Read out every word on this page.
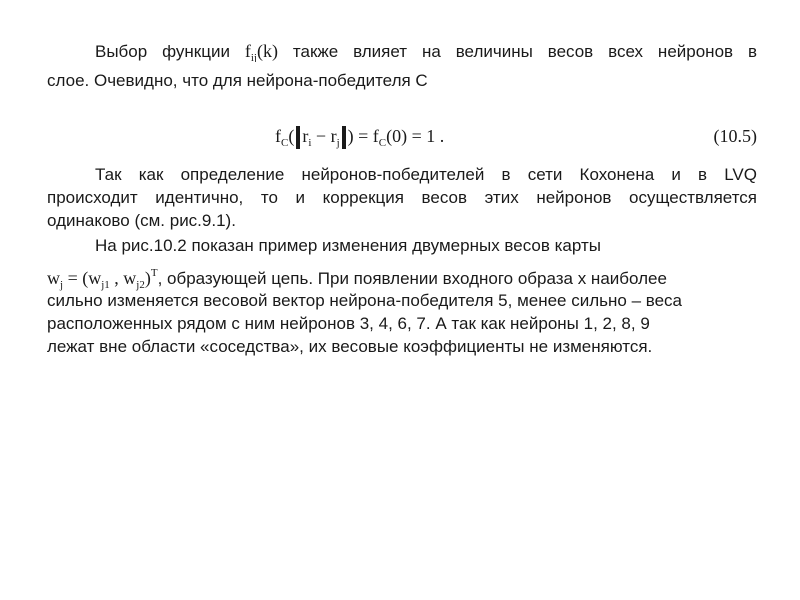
Выбор функции $f_{ij}(k)$ также влияет на величины весов всех нейронов в
слое. Очевидно, что для нейрона-победителя C
$f_C$( $r_i - r_j$ ) = $f_C(0) = 1$ .	(10.5)
Так как определение нейронов-победителей в сети Кохонена и в LVQ
происходит идентично, то и коррекция весов этих нейронов осуществляется
одинаково (см. рис.9.1).
На рис.10.2 показан пример изменения двумерных весов карты
$w_j = (w_{j1}$ , $w_{j2})^T$, образующей цепь. При появлении входного образа x наиболее
сильно изменяется весовой вектор нейрона-победителя 5, менее сильно – веса
расположенных рядом с ним нейронов 3, 4, 6, 7. А так как нейроны 1, 2, 8, 9
лежат вне области «соседства», их весовые коэффициенты не изменяются.
